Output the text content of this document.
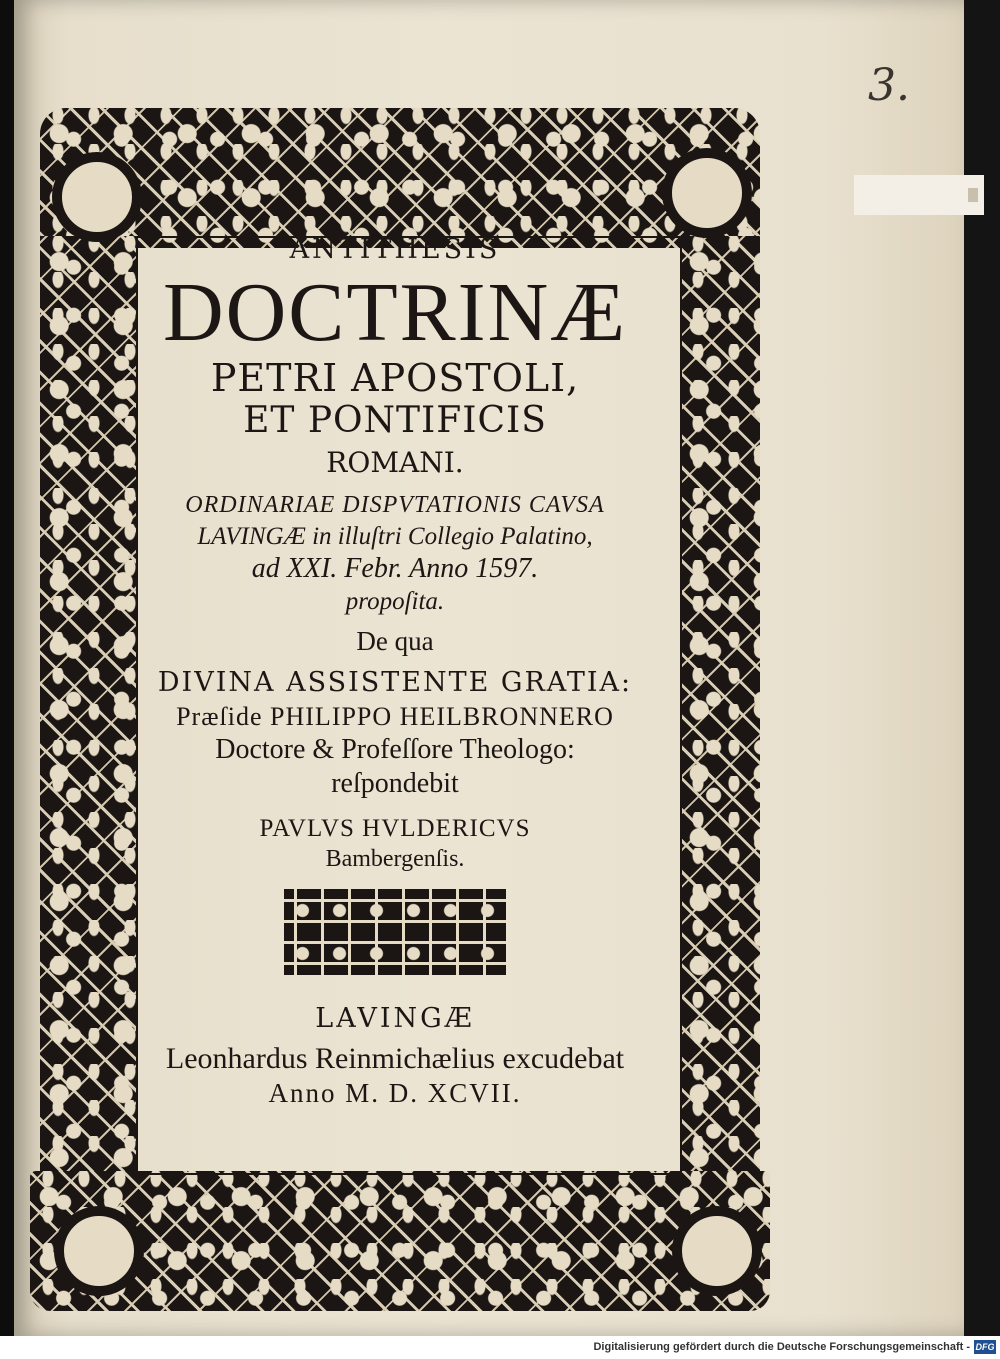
3.
ANTITHESIS
DOCTRINÆ
PETRI APOSTOLI,
ET PONTIFICIS
ROMANI.
ORDINARIAE DISPVTATIONIS CAVSA
LAVINGÆ in illuſtri Collegio Palatino,
ad XXI. Febr. Anno 1597.
propoſita.
De qua
DIVINA ASSISTENTE GRATIA:
Præſide PHILIPPO HEILBRONNERO
Doctore & Profeſſore Theologo:
reſpondebit
PAVLVS HVLDERICVS
Bambergenſis.
LAVINGÆ
Leonhardus Reinmichælius excudebat
Anno M. D. XCVII.
Digitalisierung gefördert durch die Deutsche Forschungsgemeinschaft - DFG
